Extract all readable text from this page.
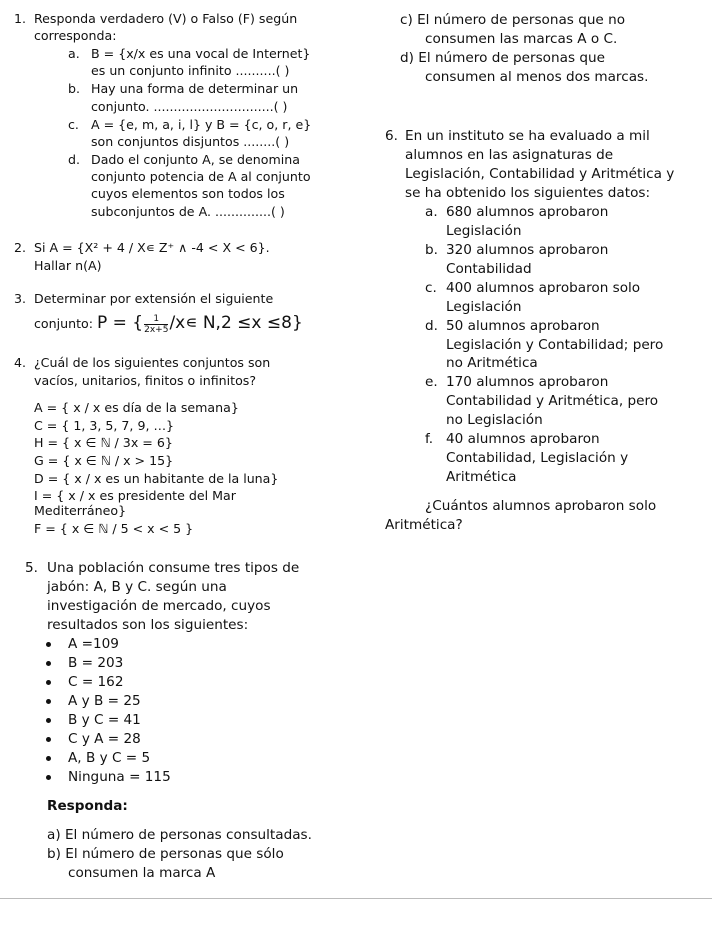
1. Responda verdadero (V) o Falso (F) según
corresponda:
a. B = {x/x es una vocal de Internet}
es un conjunto infinito ..........( )
b. Hay una forma de determinar un
conjunto. ..............................( )
c. A = {e, m, a, i, l} y B = {c, o, r, e}
son conjuntos disjuntos ........( )
d. Dado el conjunto A, se denomina
conjunto potencia de A al conjunto
cuyos elementos son todos los
subconjuntos de A. ..............( )
2. Si A = {X² + 4 / X∊ Z⁺ ∧ -4 < X < 6}.
Hallar n(A)
3. Determinar por extensión el siguiente
conjunto: P = { $\frac{1}{2x+5}$ /x∊ N,2 ≤x ≤8}
4. ¿Cuál de los siguientes conjuntos son
vacíos, unitarios, finitos o infinitos?
A = { x / x es día de la semana}
C = { 1, 3, 5, 7, 9, …}
H = { x ∈ ℕ / 3x = 6}
G = { x ∈ ℕ / x > 15}
D = { x / x es un habitante de la luna}
I = { x / x es presidente del Mar
Mediterráneo}
F = { x ∈ ℕ / 5 < x < 5 }
5. Una población consume tres tipos de
jabón: A, B y C. según una
investigación de mercado, cuyos
resultados son los siguientes:
A =109
B = 203
C = 162
A y B = 25
B y C = 41
C y A = 28
A, B y C = 5
Ninguna = 115
Responda:
a) El número de personas consultadas.
b) El número de personas que sólo
consumen la marca A
c) El número de personas que no
consumen las marcas A o C.
d) El número de personas que
consumen al menos dos marcas.
6. En un instituto se ha evaluado a mil
alumnos en las asignaturas de
Legislación, Contabilidad y Aritmética y
se ha obtenido los siguientes datos:
a. 680 alumnos aprobaron
Legislación
b. 320 alumnos aprobaron
Contabilidad
c. 400 alumnos aprobaron solo
Legislación
d. 50 alumnos aprobaron
Legislación y Contabilidad; pero
no Aritmética
e. 170 alumnos aprobaron
Contabilidad y Aritmética, pero
no Legislación
f. 40 alumnos aprobaron
Contabilidad, Legislación y
Aritmética
¿Cuántos alumnos aprobaron solo
Aritmética?
